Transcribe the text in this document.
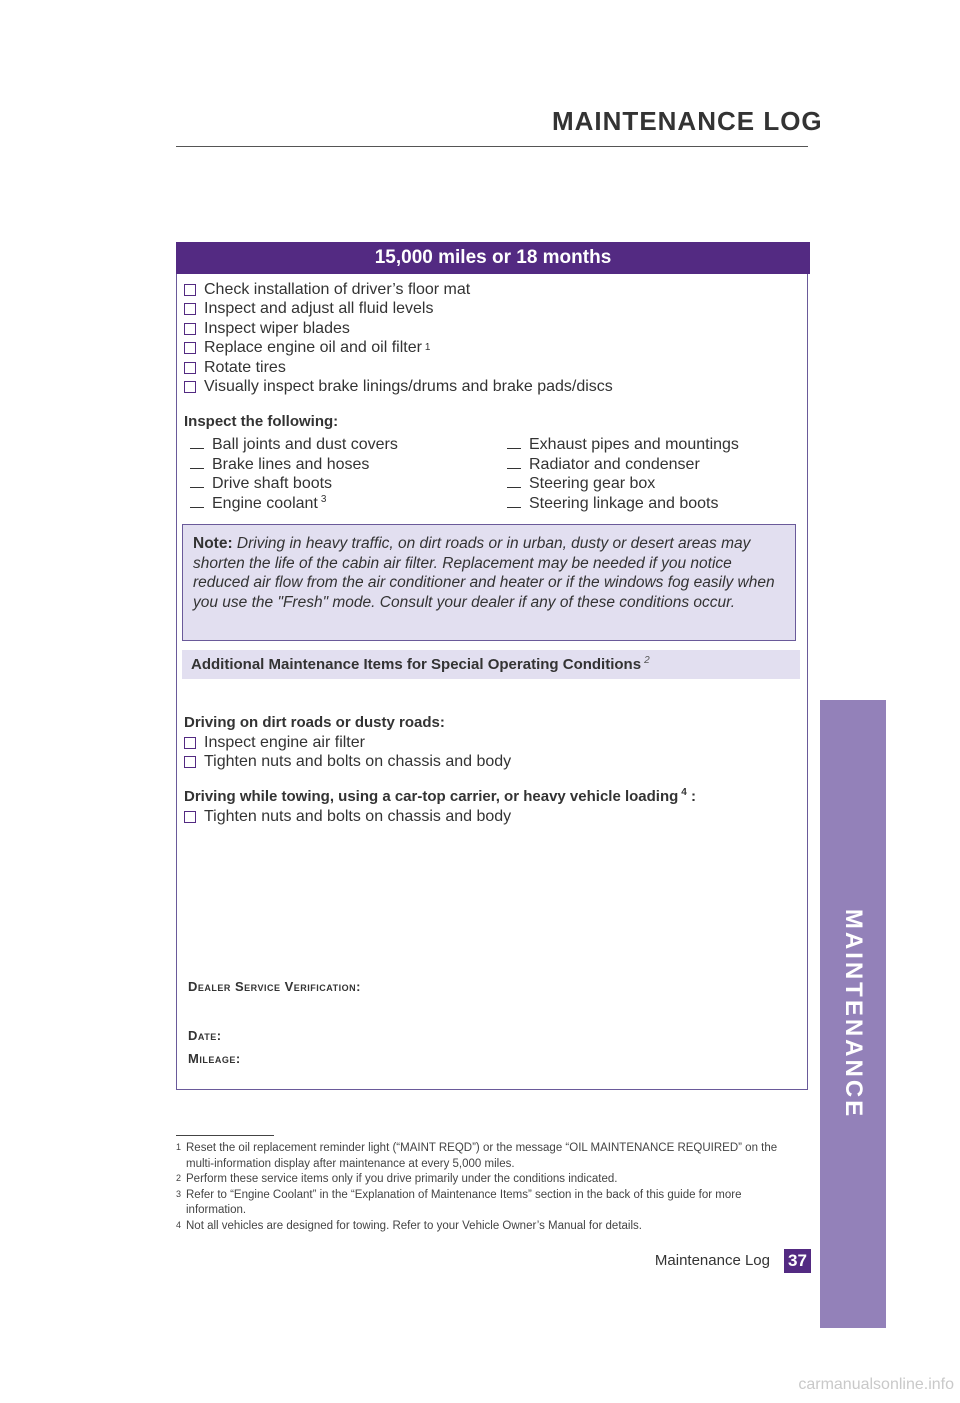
MAINTENANCE LOG
MAINTENANCE
15,000 miles or 18 months
Check installation of driver’s floor mat
Inspect and adjust all fluid levels
Inspect wiper blades
Replace engine oil and oil filter 1
Rotate tires
Visually inspect brake linings/drums and brake pads/discs
Inspect the following:
Ball joints and dust covers
Brake lines and hoses
Drive shaft boots
Engine coolant $^3$
Exhaust pipes and mountings
Radiator and condenser
Steering gear box
Steering linkage and boots
Note: Driving in heavy traffic, on dirt roads or in urban, dusty or desert areas may shorten the life of the cabin air filter. Replacement may be needed if you notice reduced air flow from the air conditioner and heater or if the windows fog easily when you use the "Fresh" mode. Consult your dealer if any of these conditions occur.
Additional Maintenance Items for Special Operating Conditions $^2$
Driving on dirt roads or dusty roads:
Inspect engine air filter
Tighten nuts and bolts on chassis and body
Driving while towing, using a car-top carrier, or heavy vehicle loading $^4$ :
Tighten nuts and bolts on chassis and body
Dealer Service Verification:
Date:
Mileage:
1 Reset the oil replacement reminder light (“MAINT REQD”) or the message “OIL MAINTENANCE REQUIRED” on the multi-information display after maintenance at every 5,000 miles.
2 Perform these service items only if you drive primarily under the conditions indicated.
3 Refer to “Engine Coolant” in the “Explanation of Maintenance Items” section in the back of this guide for more information.
4 Not all vehicles are designed for towing. Refer to your Vehicle Owner’s Manual for details.
Maintenance Log 37
carmanualsonline.info
